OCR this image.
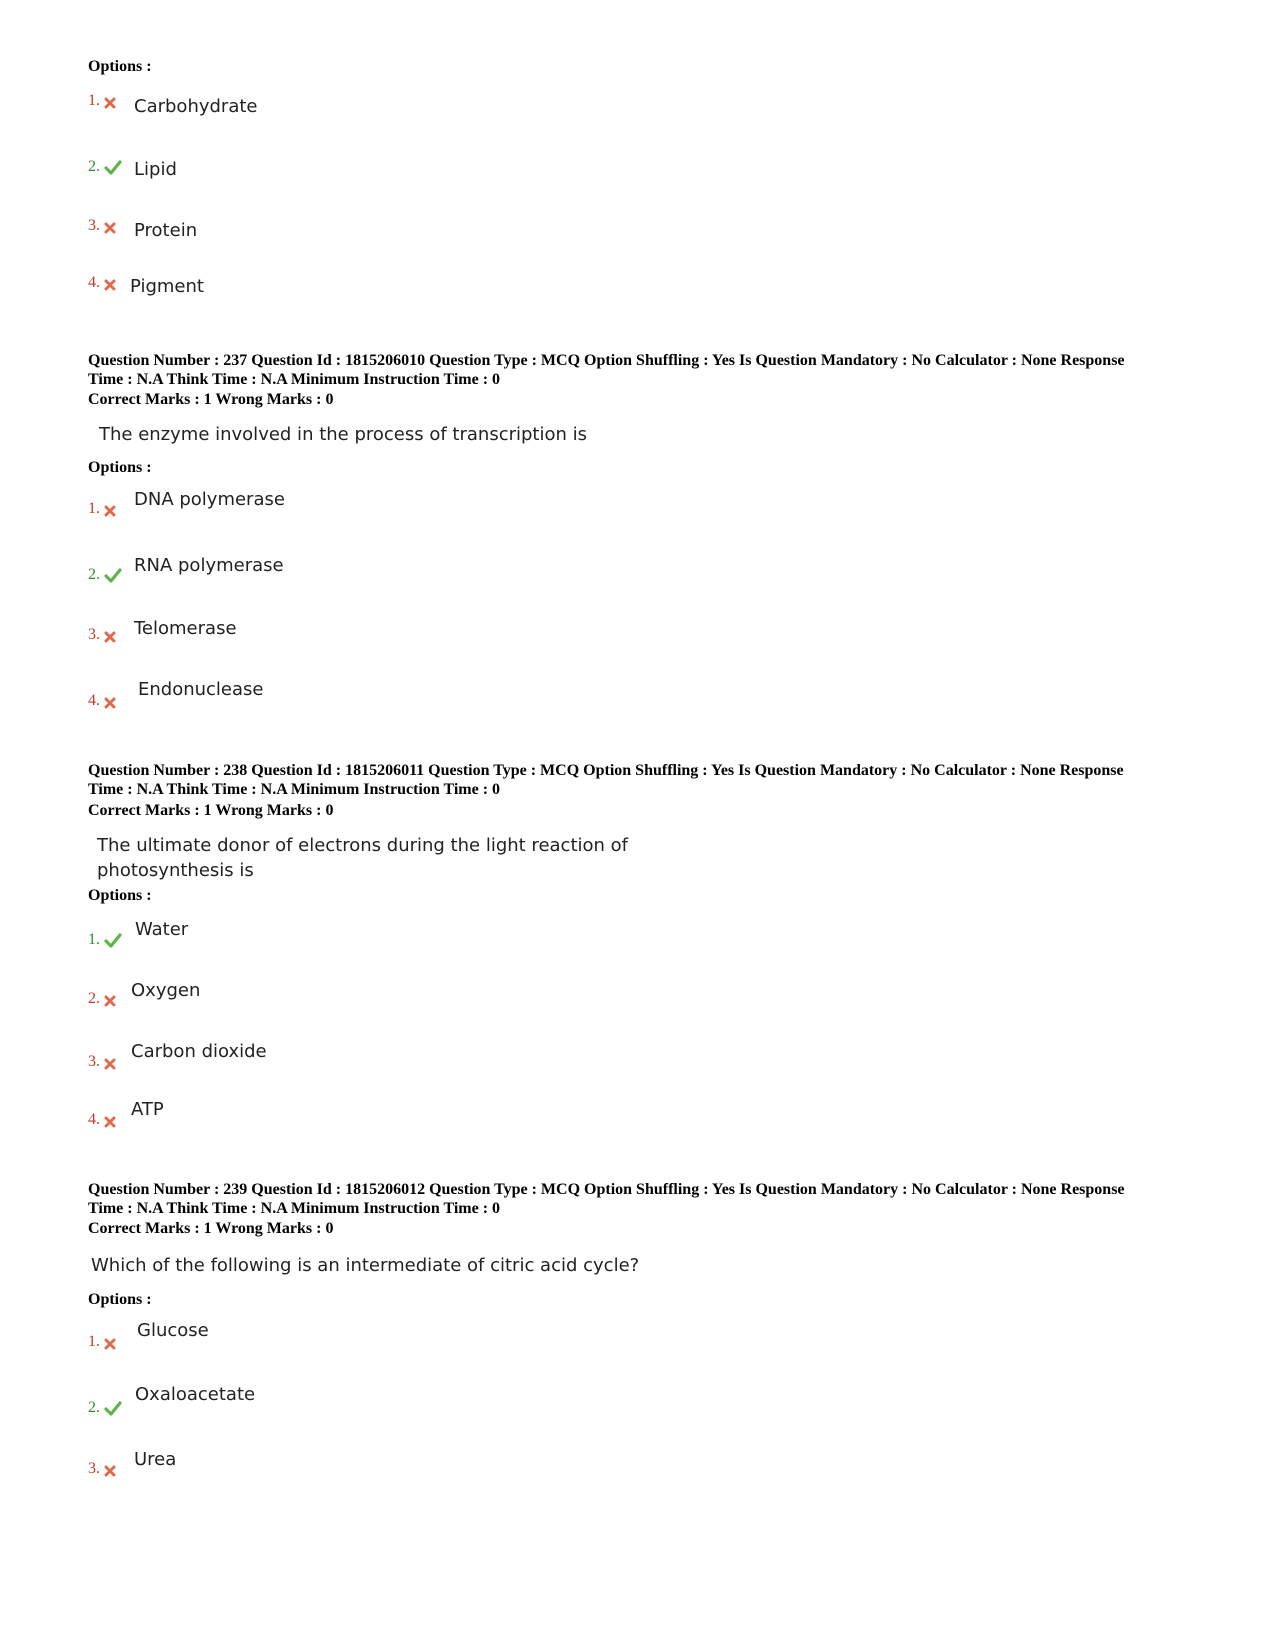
Options :
1. Carbohydrate
2. Lipid
3. Protein
4. Pigment
Question Number : 237 Question Id : 1815206010 Question Type : MCQ Option Shuffling : Yes Is Question Mandatory : No Calculator : None Response
Time : N.A Think Time : N.A Minimum Instruction Time : 0
Correct Marks : 1 Wrong Marks : 0
The enzyme involved in the process of transcription is
Options :
1. DNA polymerase
2. RNA polymerase
3. Telomerase
4.
Endonuclease
Question Number : 238 Question Id : 1815206011 Question Type : MCQ Option Shuffling : Yes Is Question Mandatory : No Calculator : None Response
Time : N.A Think Time : N.A Minimum Instruction Time : 0
Correct Marks : 1 Wrong Marks : 0
The ultimate donor of electrons during the light reaction of
photosynthesis is
Options :
1. Water
2. Oxygen
3. Carbon dioxide
4. ATP
Question Number : 239 Question Id : 1815206012 Question Type : MCQ Option Shuffling : Yes Is Question Mandatory : No Calculator : None Response
Time : N.A Think Time : N.A Minimum Instruction Time : 0
Correct Marks : 1 Wrong Marks : 0
Which of the following is an intermediate of citric acid cycle?
Options :
1.
Glucose
2.
Oxaloacetate
3. Urea
